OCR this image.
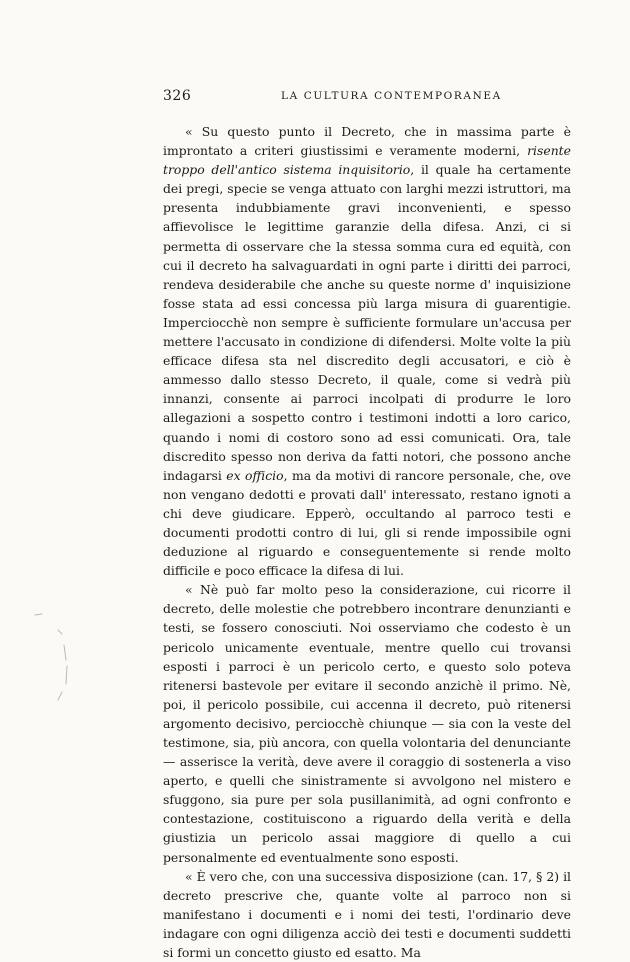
326	LA CULTURA CONTEMPORANEA

« Su questo punto il Decreto, che in massima parte è improntato a criteri giustissimi e veramente moderni, risente troppo dell'antico sistema inquisitorio, il quale ha certamente dei pregi, specie se venga attuato con larghi mezzi istruttori, ma presenta indubbiamente gravi inconvenienti, e spesso affievolisce le legittime garanzie della difesa. Anzi, ci si permetta di osservare che la stessa somma cura ed equità, con cui il decreto ha salvaguardati in ogni parte i diritti dei parroci, rendeva desiderabile che anche su queste norme d' inquisizione fosse stata ad essi concessa più larga misura di guarentigie. Imperciocchè non sempre è sufficiente formulare un'accusa per mettere l'accusato in condizione di difendersi. Molte volte la più efficace difesa sta nel discredito degli accusatori, e ciò è ammesso dallo stesso Decreto, il quale, come si vedrà più innanzi, consente ai parroci incolpati di produrre le loro allegazioni a sospetto contro i testimoni indotti a loro carico, quando i nomi di costoro sono ad essi comunicati. Ora, tale discredito spesso non deriva da fatti notori, che possono anche indagarsi ex officio, ma da motivi di rancore personale, che, ove non vengano dedotti e provati dall' interessato, restano ignoti a chi deve giudicare. Epperò, occultando al parroco testi e documenti prodotti contro di lui, gli si rende impossibile ogni deduzione al riguardo e conseguentemente si rende molto difficile e poco efficace la difesa di lui.

« Nè può far molto peso la considerazione, cui ricorre il decreto, delle molestie che potrebbero incontrare denunzianti e testi, se fossero conosciuti. Noi osserviamo che codesto è un pericolo unicamente eventuale, mentre quello cui trovansi esposti i parroci è un pericolo certo, e questo solo poteva ritenersi bastevole per evitare il secondo anzichè il primo. Nè, poi, il pericolo possibile, cui accenna il decreto, può ritenersi argomento decisivo, perciocchè chiunque — sia con la veste del testimone, sia, più ancora, con quella volontaria del denunciante — asserisce la verità, deve avere il coraggio di sostenerla a viso aperto, e quelli che sinistramente si avvolgono nel mistero e sfuggono, sia pure per sola pusillanimità, ad ogni confronto e contestazione, costituiscono a riguardo della verità e della giustizia un pericolo assai maggiore di quello a cui personalmente ed eventualmente sono esposti.

« È vero che, con una successiva disposizione (can. 17, § 2) il decreto prescrive che, quante volte al parroco non si manifestano i documenti e i nomi dei testi, l'ordinario deve indagare con ogni diligenza acciò dei testi e documenti suddetti si formi un concetto giusto ed esatto. Ma
